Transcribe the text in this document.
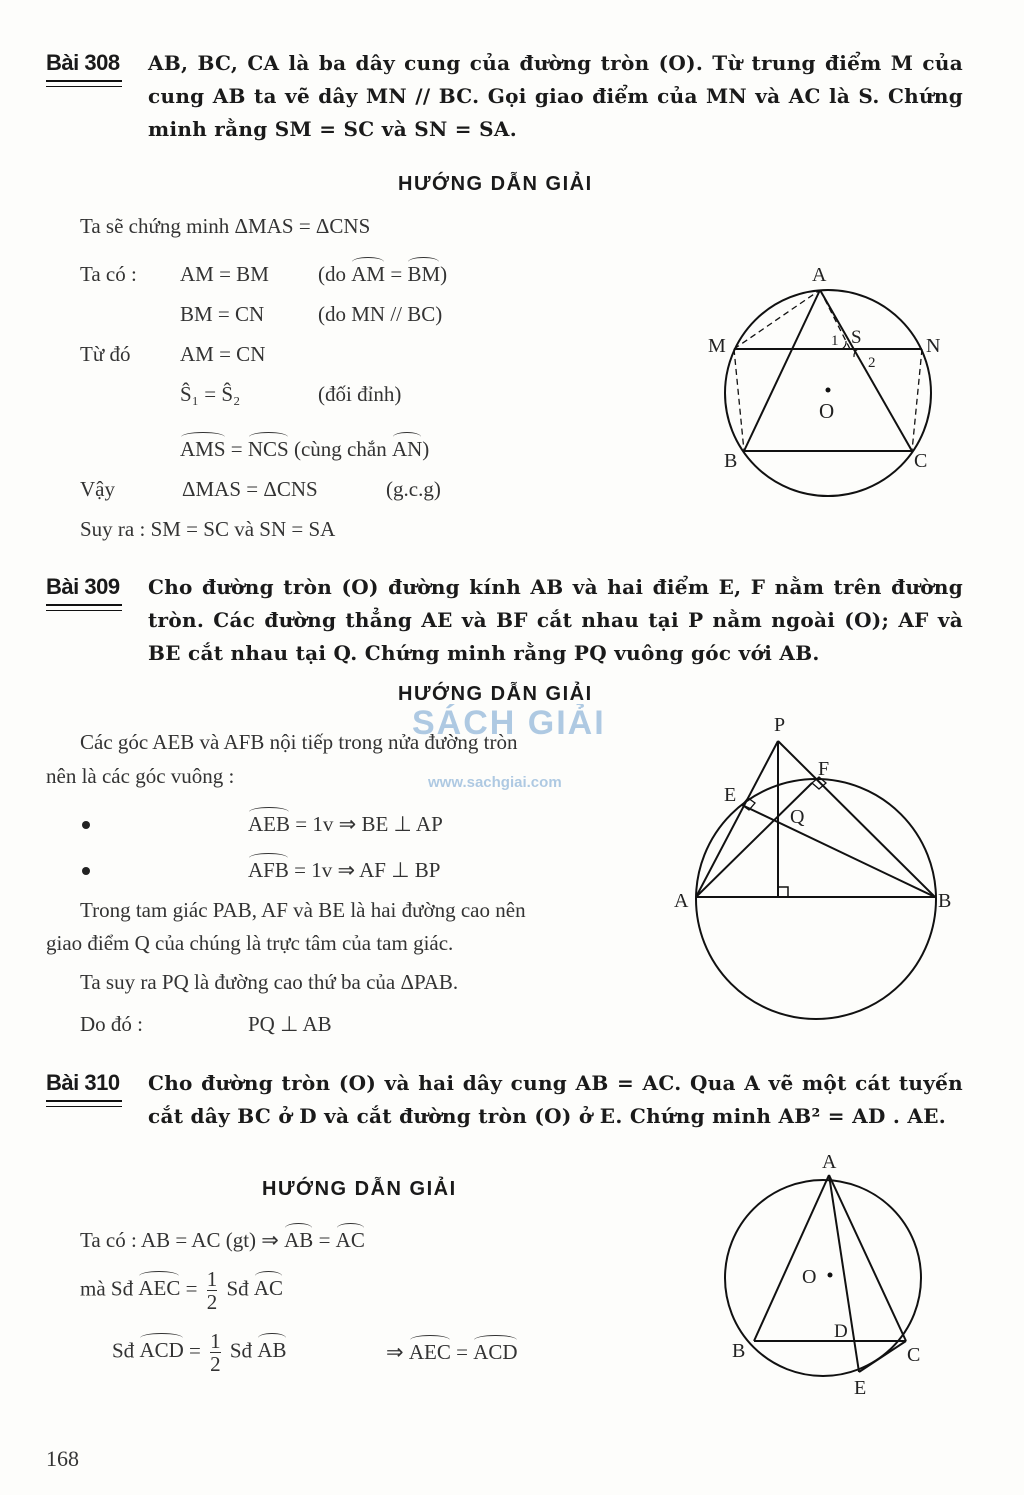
Bài 308 AB, BC, CA là ba dây cung của đường tròn (O). Từ trung điểm M của cung AB ta vẽ dây MN // BC. Gọi giao điểm của MN và AC là S. Chứng minh rằng SM = SC và SN = SA.
HƯỚNG DẪN GIẢI
Ta sẽ chứng minh ΔMAS = ΔCNS
Ta có : AM = BM (do AM = BM)
BM = CN	(do MN // BC)
Từ đó AM = CN
Ŝ₁ = Ŝ₂	(đối đỉnh)
AMS = NCS (cùng chắn AN)
Vậy	ΔMAS = ΔCNS	(g.c.g)
Suy ra : SM = SC và SN = SA
A
M	N
S
1
2
O
B	C
Bài 309 Cho đường tròn (O) đường kính AB và hai điểm E, F nằm trên đường tròn. Các đường thẳng AE và BF cắt nhau tại P nằm ngoài (O); AF và BE cắt nhau tại Q. Chứng minh rằng PQ vuông góc với AB.
HƯỚNG DẪN GIẢI
SÁCH GIẢI
www.sachgiai.com
Các góc AEB và AFB nội tiếp trong nửa đường tròn
nên là các góc vuông :
AEB = 1v ⇒ BE ⊥ AP
AFB = 1v ⇒ AF ⊥ BP
Trong tam giác PAB, AF và BE là hai đường cao nên
giao điểm Q của chúng là trực tâm của tam giác.
Ta suy ra PQ là đường cao thứ ba của ΔPAB.
Do đó :	PQ ⊥ AB
P
F
E
Q
A	B
Bài 310 Cho đường tròn (O) và hai dây cung AB = AC. Qua A vẽ một cát tuyến cắt dây BC ở D và cắt đường tròn (O) ở E. Chứng minh AB² = AD . AE.
HƯỚNG DẪN GIẢI
Ta có : AB = AC (gt) ⇒ AB = AC
mà Sđ AEC = $\frac{1}{2}$ Sđ AC
Sđ ACD = $\frac{1}{2}$ Sđ AB	⇒ AEC = ACD
A
O
D
B	C
E
168
